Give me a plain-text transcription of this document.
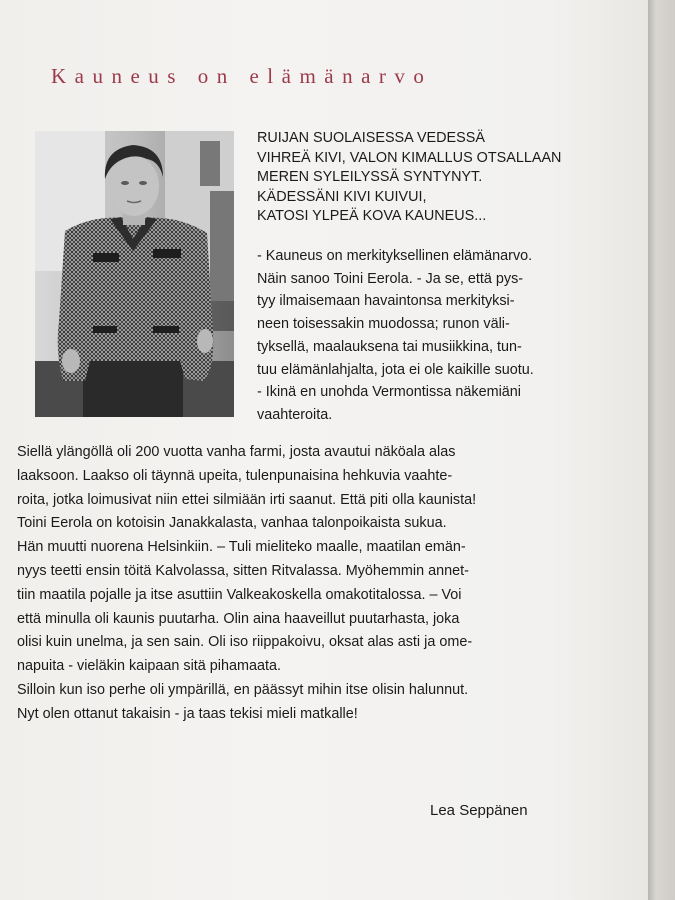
Kauneus on elämänarvo
RUIJAN SUOLAISESSA VEDESSÄ
VIHREÄ KIVI, VALON KIMALLUS OTSALLAAN
MEREN SYLEILYSSÄ SYNTYNYT.
KÄDESSÄNI KIVI KUIVUI,
KATOSI YLPEÄ KOVA KAUNEUS...
- Kauneus on merkityksellinen elämänarvo.
Näin sanoo Toini Eerola. - Ja se, että pys-
tyy ilmaisemaan havaintonsa merkityksi-
neen toisessakin muodossa; runon väli-
tyksellä, maalauksena tai musiikkina, tun-
tuu elämänlahjalta, jota ei ole kaikille suotu.
- Ikinä en unohda Vermontissa näkemiäni
vaahteroita.
Siellä ylängöllä oli 200 vuotta vanha farmi, josta avautui näköala alas
laaksoon. Laakso oli täynnä upeita, tulenpunaisina hehkuvia vaahte-
roita, jotka loimusivat niin ettei silmiään irti saanut. Että piti olla kaunista!
Toini Eerola on kotoisin Janakkalasta, vanhaa talonpoikaista sukua.
Hän muutti nuorena Helsinkiin. – Tuli mieliteko maalle, maatilan emän-
nyys teetti ensin töitä Kalvolassa, sitten Ritvalassa. Myöhemmin annet-
tiin maatila pojalle ja itse asuttiin Valkeakoskella omakotitalossa. – Voi
että minulla oli kaunis puutarha. Olin aina haaveillut puutarhasta, joka
olisi kuin unelma, ja sen sain. Oli iso riippakoivu, oksat alas asti ja ome-
napuita - vieläkin kaipaan sitä pihamaata.
Silloin kun iso perhe oli ympärillä, en päässyt mihin itse olisin halunnut.
Nyt olen ottanut takaisin - ja taas tekisi mieli matkalle!
Lea Seppänen
